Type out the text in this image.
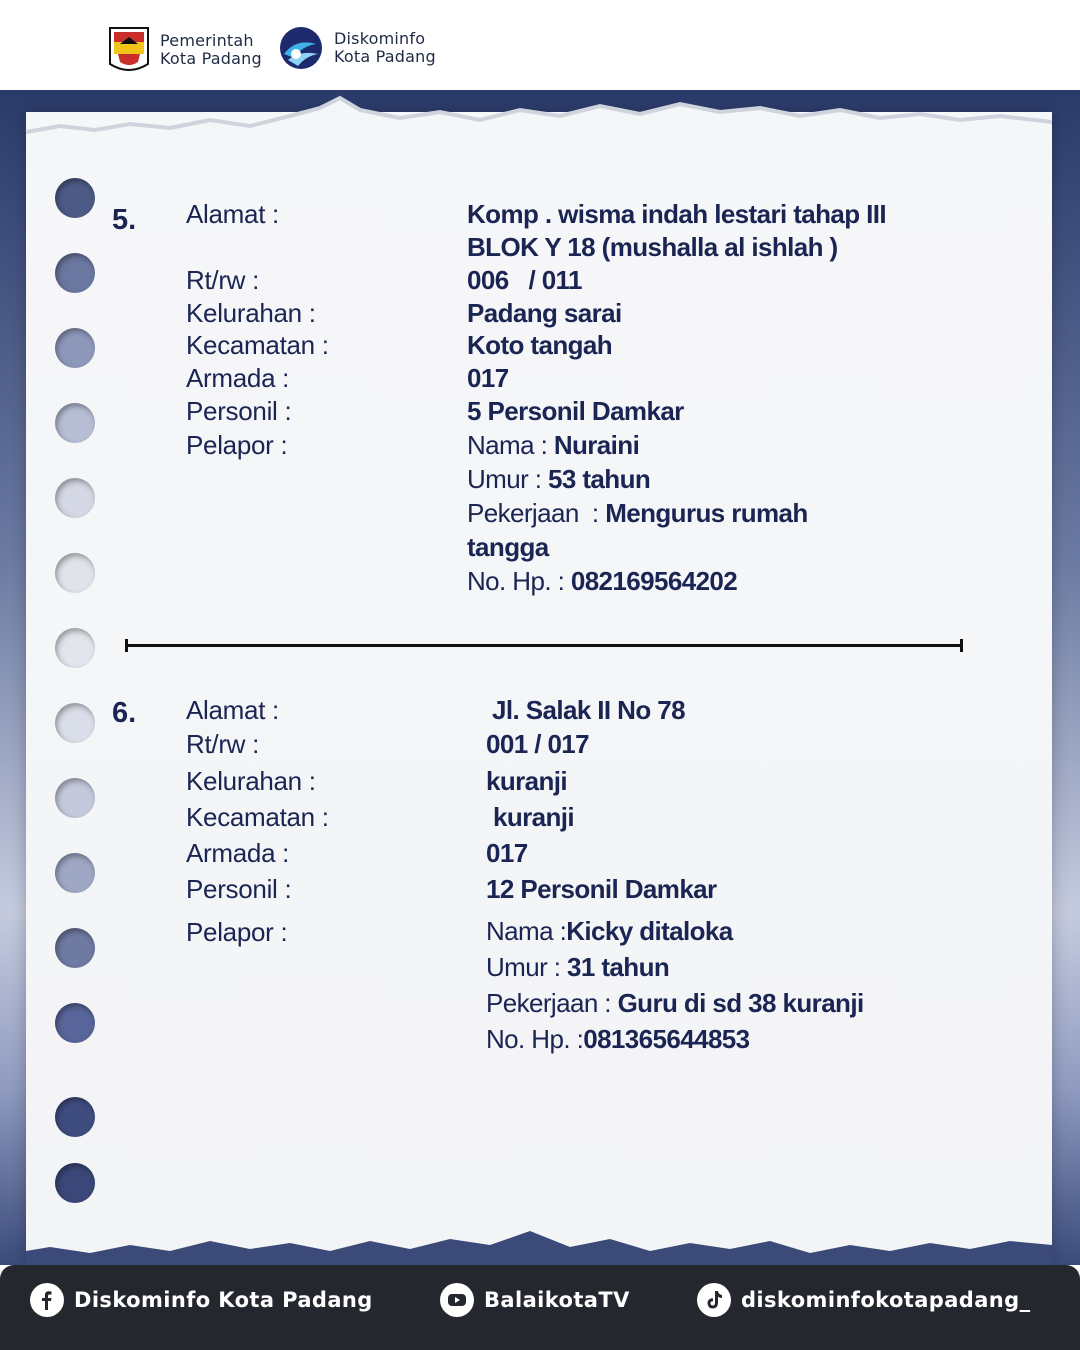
Pemerintah
Kota Padang
Diskominfo
Kota Padang
5. Alamat :
Rt/rw :
Kelurahan :
Kecamatan :
Armada :
Personil :
Pelapor :
Komp . wisma indah lestari tahap III
BLOK Y 18 (mushalla al ishlah )
006   / 011
Padang sarai
Koto tangah
017
5 Personil Damkar
Nama : Nuraini
Umur : 53 tahun
Pekerjaan  : Mengurus rumah
tangga
No. Hp. : 082169564202
6. Alamat :
Rt/rw :
Kelurahan :
Kecamatan :
Armada :
Personil :
Pelapor :
Jl. Salak II No 78
001 / 017
kuranji
kuranji
017
12 Personil Damkar
Nama :Kicky ditaloka
Umur : 31 tahun
Pekerjaan : Guru di sd 38 kuranji
No. Hp. :081365644853
Diskominfo Kota Padang	BalaikotaTV	diskominfokotapadang_
